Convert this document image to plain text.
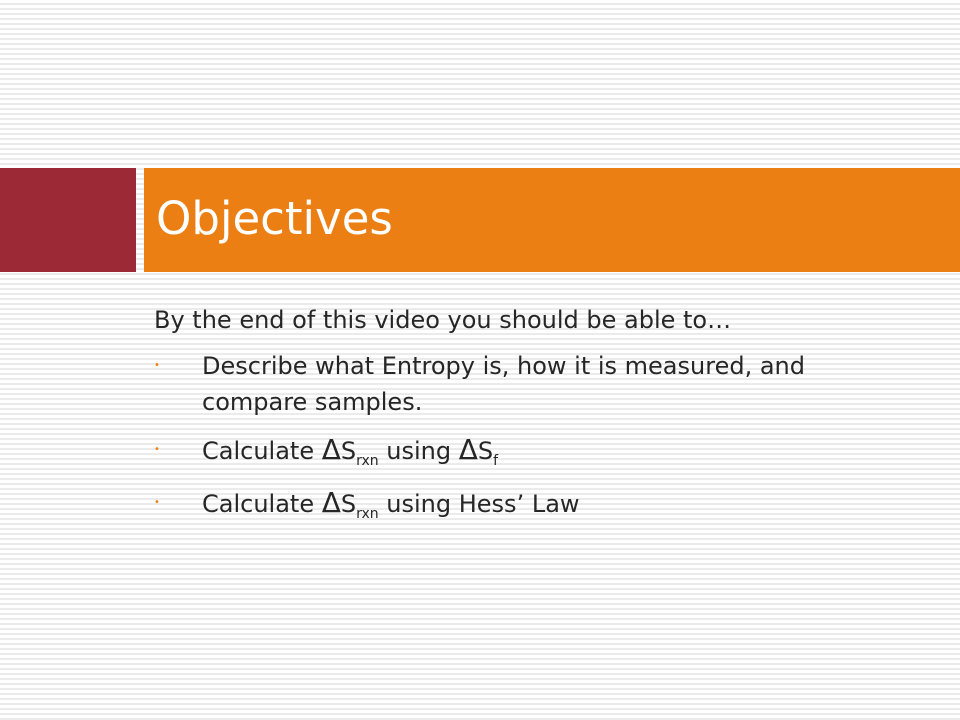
Objectives

By the end of this video you should be able to…

• Describe what Entropy is, how it is measured, and compare samples.
• Calculate $\Delta S_{rxn}$ using $\Delta S_f$
• Calculate $\Delta S_{rxn}$ using Hess’ Law
